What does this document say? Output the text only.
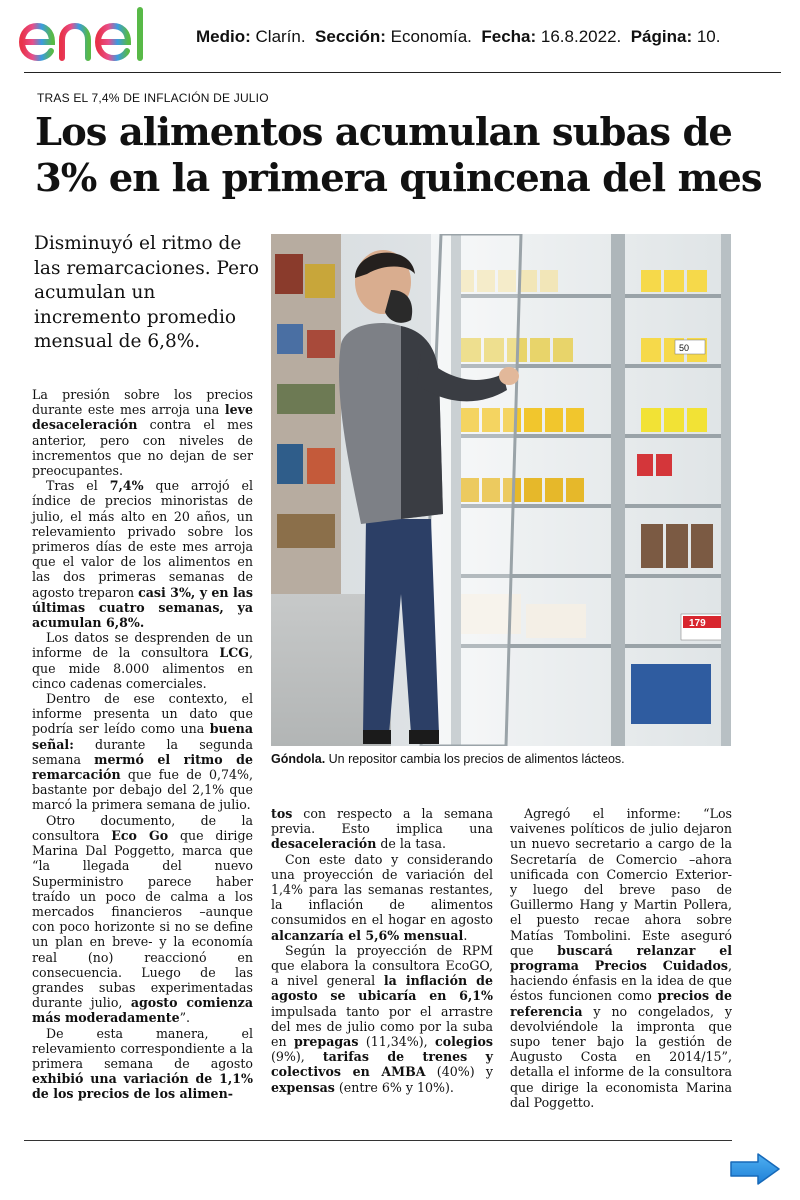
Medio: Clarín. Sección: Economía. Fecha: 16.8.2022. Página: 10.
TRAS EL 7,4% DE INFLACIÓN DE JULIO
Los alimentos acumulan subas de
3% en la primera quincena del mes
Disminuyó el ritmo de las remarcaciones. Pero acumulan un incremento promedio mensual de 6,8%.

La presión sobre los precios durante este mes arroja una leve desaceleración contra el mes anterior, pero con niveles de incrementos que no dejan de ser preocupantes.

Tras el 7,4% que arrojó el índice de precios minoristas de julio, el más alto en 20 años, un relevamiento privado sobre los primeros días de este mes arroja que el valor de los alimentos en las dos primeras semanas de agosto treparon casi 3%, y en las últimas cuatro semanas, ya acumulan 6,8%.

Los datos se desprenden de un informe de la consultora LCG, que mide 8.000 alimentos en cinco cadenas comerciales.

Dentro de ese contexto, el informe presenta un dato que podría ser leído como una buena señal: durante la segunda semana mermó el ritmo de remarcación que fue de 0,74%, bastante por debajo del 2,1% que marcó la primera semana de julio.

Otro documento, de la consultora Eco Go que dirige Marina Dal Poggetto, marca que “la llegada del nuevo Superministro parece haber traído un poco de calma a los mercados financieros –aunque con poco horizonte si no se define un plan en breve- y la economía real (no) reaccionó en consecuencia. Luego de las grandes subas experimentadas durante julio, agosto comienza más moderadamente”.

De esta manera, el relevamiento correspondiente a la primera semana de agosto exhibió una variación de 1,1% de los precios de los alimen-

50
179
Góndola. Un repositor cambia los precios de alimentos lácteos.

tos con respecto a la semana previa. Esto implica una desaceleración de la tasa.

Con este dato y considerando una proyección de variación del 1,4% para las semanas restantes, la inflación de alimentos consumidos en el hogar en agosto alcanzaría el 5,6% mensual.

Según la proyección de RPM que elabora la consultora EcoGO, a nivel general la inflación de agosto se ubicaría en 6,1% impulsada tanto por el arrastre del mes de julio como por la suba en prepagas (11,34%), colegios (9%), tarifas de trenes y colectivos en AMBA (40%) y expensas (entre 6% y 10%).

Agregó el informe: “Los vaivenes políticos de julio dejaron un nuevo secretario a cargo de la Secretaría de Comercio –ahora unificada con Comercio Exterior- y luego del breve paso de Guillermo Hang y Martin Pollera, el puesto recae ahora sobre Matías Tombolini. Este aseguró que buscará relanzar el programa Precios Cuidados, haciendo énfasis en la idea de que éstos funcionen como precios de referencia y no congelados, y devolviéndole la impronta que supo tener bajo la gestión de Augusto Costa en 2014/15”, detalla el informe de la consultora que dirige la economista Marina dal Poggetto.
